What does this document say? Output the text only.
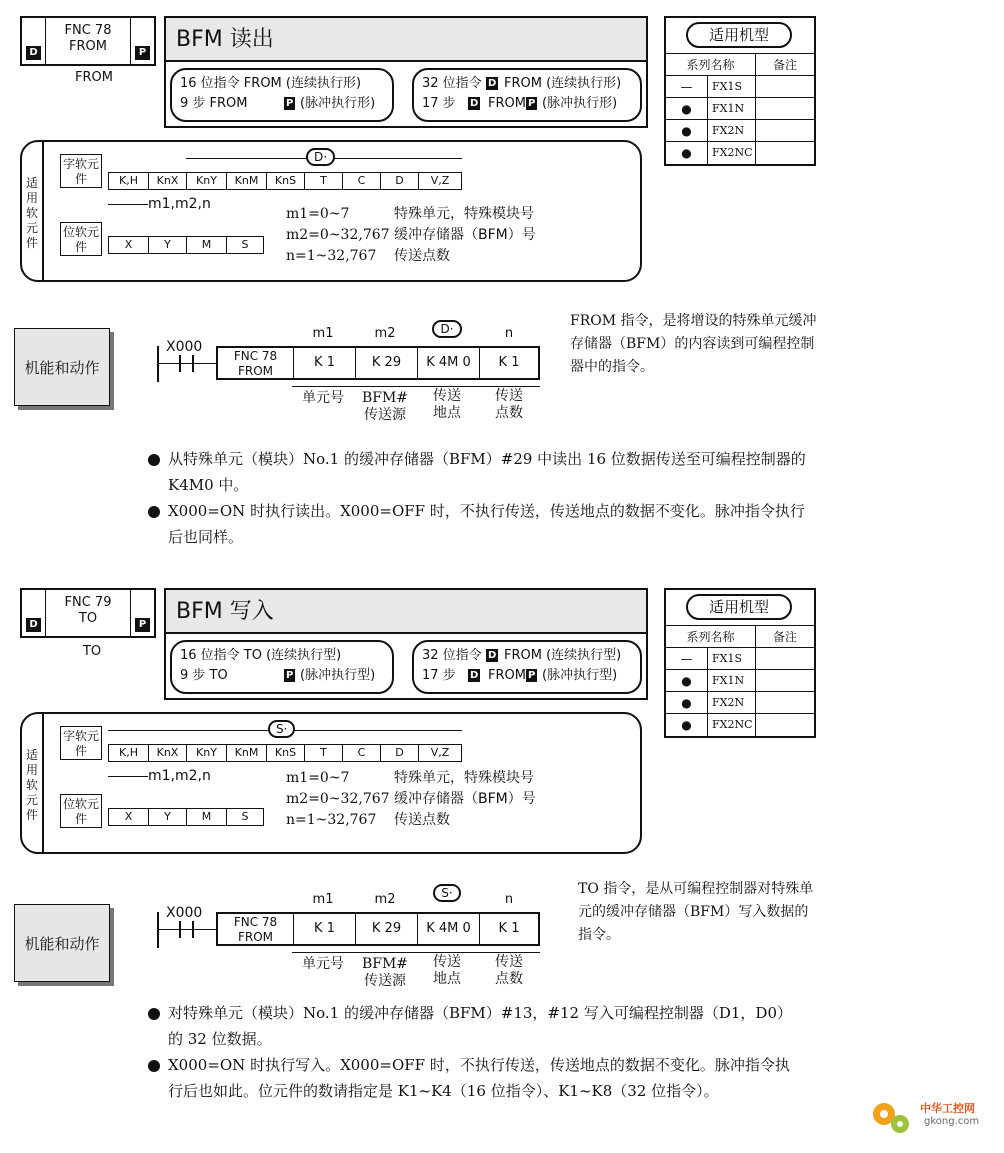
D
FNC 78
FROM	P
FROM
BFM 读出
16 位指令 FROM (连续执行形)
9 步 FROM	P (脉冲执行形)
32 位指令 D FROM (连续执行形)
17 步 D FROM P (脉冲执行形)
适用机型
系列名称	备注
—	FX1S
●	FX1N
●	FX2N
●	FX2NC
适用软元件
字软元件	K,H	KnX	KnY	KnM	KnS	T	C	D	V,Z
D·
m1,m2,n
位软元件	X	Y	M	S
m1=0~7	特殊单元，特殊模块号
m2=0~32,767 缓冲存储器（BFM）号
n=1~32,767 传送点数
机能和动作
X000
FNC 78
FROM
K 1	K 29	K 4M 0	K 1
m1	m2	D·	n
单元号	BFM#
传送源
传送
地点
传送
点数
FROM 指令，是将增设的特殊单元缓冲存储器（BFM）的内容读到可编程控制器中的指令。
从特殊单元（模块）No.1 的缓冲存储器（BFM）#29 中读出 16 位数据传送至可编程控制器的 K4M0 中。
X000=ON 时执行读出。X000=OFF 时，不执行传送，传送地点的数据不变化。脉冲指令执行后也同样。
D
FNC 79
TO	P
TO
BFM 写入
16 位指令 TO (连续执行型)
9 步 TO	P (脉冲执行型)
32 位指令 D FROM (连续执行型)
17 步 D FROM P (脉冲执行型)
适用机型
系列名称	备注
—	FX1S
●	FX1N
●	FX2N
●	FX2NC
适用软元件
字软元件	K,H	KnX	KnY	KnM	KnS	T	C	D	V,Z
S·
m1,m2,n
位软元件	X	Y	M	S
m1=0~7	特殊单元，特殊模块号
m2=0~32,767 缓冲存储器（BFM）号
n=1~32,767 传送点数
机能和动作
X000
FNC 78
FROM
K 1	K 29	K 4M 0	K 1
m1	m2	S·	n
单元号	BFM#
传送源
传送
地点
传送
点数
TO 指令，是从可编程控制器对特殊单元的缓冲存储器（BFM）写入数据的指令。
对特殊单元（模块）No.1 的缓冲存储器（BFM）#13，#12 写入可编程控制器（D1，D0）的 32 位数据。
X000=ON 时执行写入。X000=OFF 时，不执行传送，传送地点的数据不变化。脉冲指令执行后也如此。位元件的数请指定是 K1~K4（16 位指令）、K1~K8（32 位指令）。
中华工控网
gkong.com
